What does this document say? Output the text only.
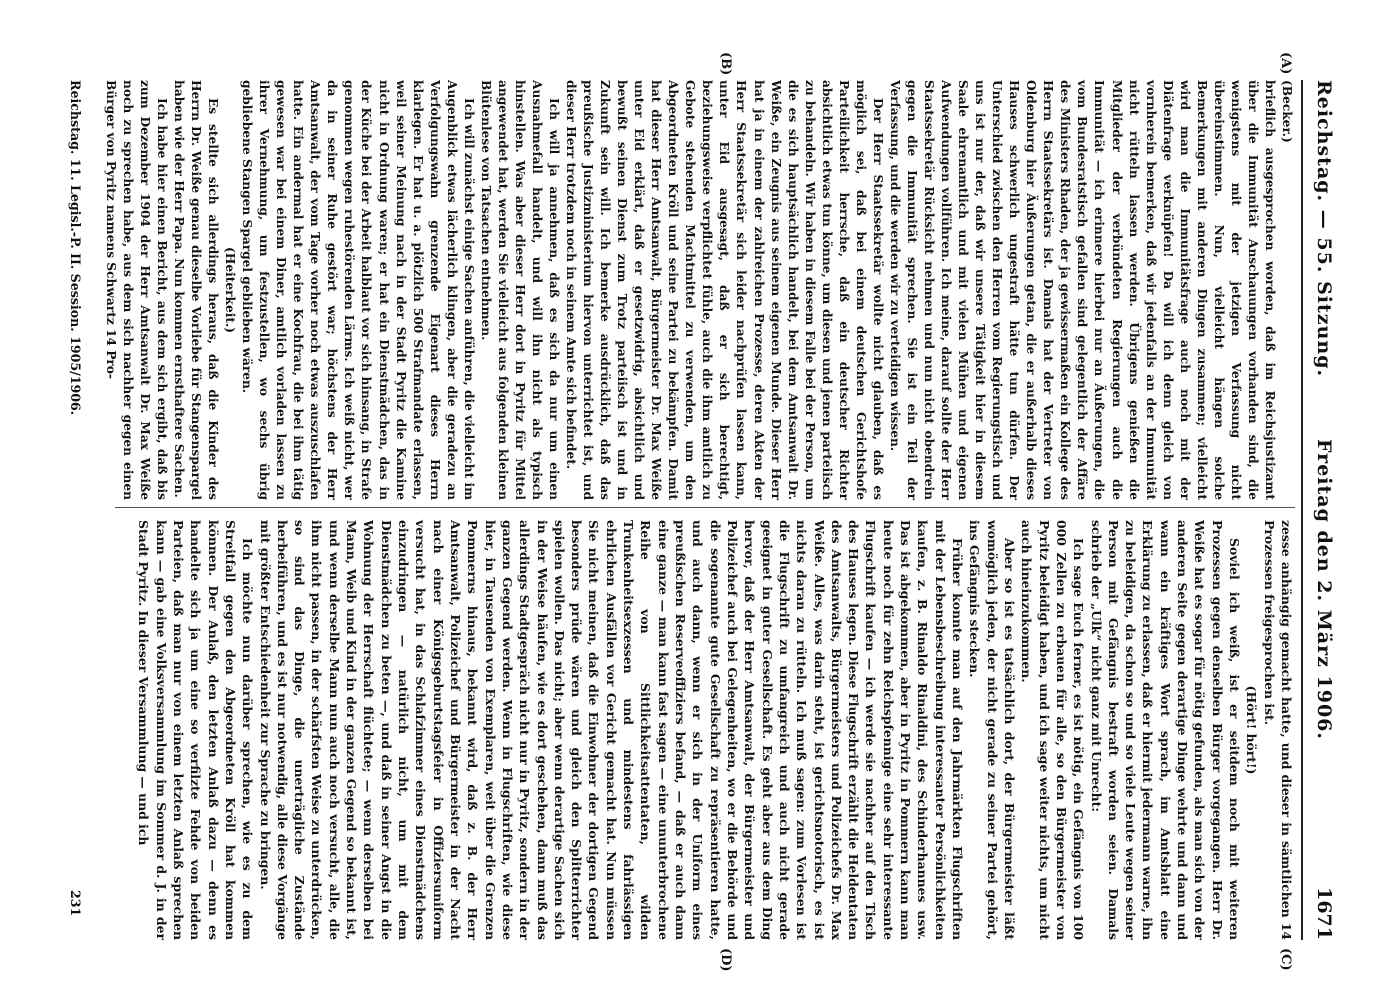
Reichstag. — 55. Sitzung.
Freitag den 2. März 1906.
1671
(A)
(B)
(C)
(D)

(Becker.)

brieflich ausgesprochen worden, daß im Reichsjustizamt über die Immunität Anschauungen vorhanden sind, die wenigstens mit der jetzigen Verfassung nicht übereinstimmen. Nun, vielleicht hängen solche Bemerkungen mit anderen Dingen zusammen; vielleicht wird man die Immunitätsfrage auch noch mit der Diätenfrage verknüpfen! Da will ich denn gleich von vornherein bemerken, daß wir jedenfalls an der Immunität nicht rütteln lassen werden. Übrigens genießen die Mitglieder der verbündeten Regierungen auch die Immunität — ich erinnere hierbei nur an Äußerungen, die vom Bundesratstisch gefallen sind gelegentlich der Affäre des Ministers Rhaden, der ja gewissermaßen ein Kollege des Herrn Staatssekretärs ist. Damals hat der Vertreter von Oldenburg hier Äußerungen getan, die er außerhalb dieses Hauses schwerlich ungestraft hätte tun dürfen. Der Unterschied zwischen den Herren vom Regierungstisch und uns ist nur der, daß wir unsere Tätigkeit hier in diesem Saale ehrenamtlich und mit vielen Mühen und eigenen Aufwendungen vollführen. Ich meine, darauf sollte der Herr Staatssekretär Rücksicht nehmen und nun nicht obendrein gegen die Immunität sprechen. Sie ist ein Teil der Verfassung, und die werden wir zu verteidigen wissen.

Der Herr Staatssekretär wollte nicht glauben, daß es möglich sei, daß bei einem deutschen Gerichtshofe Parteilichkeit herrsche, daß ein deutscher Richter absichtlich etwas tun könne, um diesen und jenen parteiisch zu behandeln. Wir haben in diesem Falle bei der Person, um die es sich hauptsächlich handelt, bei dem Amtsanwalt Dr. Weiße, ein Zeugnis aus seinem eigenen Munde. Dieser Herr hat ja in einem der zahlreichen Prozesse, deren Akten der Herr Staatssekretär sich leider nachprüfen lassen kann, unter Eid ausgesagt, daß er sich berechtigt, beziehungsweise verpflichtet fühle, auch die ihm amtlich zu Gebote stehenden Machtmittel zu verwenden, um den Abgeordneten Kröll und seine Partei zu bekämpfen. Damit hat dieser Herr Amtsanwalt, Bürgermeister Dr. Max Weiße unter Eid erklärt, daß er gesetzwidrig, absichtlich und bewußt seinen Dienst zum Trotz parteiisch ist und in Zukunft sein will. Ich bemerke ausdrücklich, daß das preußische Justizministerium hiervon unterrichtet ist, und dieser Herr trotzdem noch in seinem Amte sich befindet.

Ich will ja annehmen, daß es sich da nur um einen Ausnahmefall handelt, und will ihn nicht als typisch hinstellen. Was aber dieser Herr dort in Pyritz für Mittel angewendet hat, werden Sie vielleicht aus folgenden kleinen Blütenlese von Tatsachen entnehmen.

Ich will zunächst einige Sachen anführen, die vielleicht im Augenblick etwas lächerlich klingen, aber die geradezu an Verfolgungswahn grenzende Eigenart dieses Herrn klarlegen. Er hat u. a. plötzlich 500 Strafmandate erlassen, weil seiner Meinung nach in der Stadt Pyritz die Kamine nicht in Ordnung waren; er hat ein Dienstmädchen, das in der Küche bei der Arbeit halblaut vor sich hinsang, in Strafe genommen wegen ruhestörenden Lärms. Ich weiß nicht, wer da in seiner Ruhe gestört war; höchstens der Herr Amtsanwalt, der vom Tage vorher noch etwas auszuschlafen hatte. Ein andermal hat er eine Kochfrau, die bei ihm tätig gewesen war bei einem Diner, amtlich vorladen lassen zu ihrer Vernehmung, um festzustellen, wo sechs übrig gebliebene Stangen Spargel geblieben wären.

(Heiterkeit.)

Es stellte sich allerdings heraus, daß die Kinder des Herrn Dr. Weiße genau dieselbe Vorliebe für Stangenspargel haben wie der Herr Papa. Nun kommen ernsthaftere Sachen.

Ich habe hier einen Bericht, aus dem sich ergibt, daß bis zum Dezember 1904 der Herr Amtsanwalt Dr. Max Weiße noch zu sprechen habe, aus dem sich nachher gegen einen Bürger von Pyritz namens Schwartz 14 Pro-

zesse anhängig gemacht hatte, und dieser in sämtlichen 14 Prozessen freigesprochen ist.

(Hört! hört!)

Soviel ich weiß, ist er seitdem noch mit weiteren Prozessen gegen denselben Bürger vorgegangen. Herr Dr. Weiße hat es sogar für nötig gefunden, als man sich von der anderen Seite gegen derartige Dinge wehrte und dann und wann ein kräftiges Wort sprach, im Amtsblatt eine Erklärung zu erlassen, daß er hiermit jedermann warne, ihn zu beleidigen, da schon so und so viele Leute wegen seiner Person mit Gefängnis bestraft worden seien. Damals schrieb der „Ulk“ nicht ganz mit Unrecht:

Ich sage Euch ferner, es ist nötig, ein Gefängnis von 100 000 Zellen zu erbauen für alle, so den Bürgermeister von Pyritz beleidigt haben, und ich sage weiter nichts, um nicht auch hineinzukommen.

Aber so ist es tatsächlich dort, der Bürgermeister läßt womöglich jeden, der nicht gerade zu seiner Partei gehört, ins Gefängnis stecken.

Früher konnte man auf den Jahrmärkten Flugschriften mit der Lebensbeschreibung interessanter Persönlichkeiten kaufen, z. B. Rinaldo Rinaldini, des Schinderhannes usw. Das ist abgekommen, aber in Pyritz in Pommern kann man heute noch für zehn Reichspfennige eine sehr interessante Flugschrift kaufen — ich werde sie nachher auf den Tisch des Hauses legen. Diese Flugschrift erzählt die Heldentaten des Amtsanwalts, Bürgermeisters und Polizeichefs Dr. Max Weiße. Alles, was darin steht, ist gerichtsnotorisch, es ist nichts daran zu rütteln. Ich muß sagen: zum Vorlesen ist die Flugschrift zu umfangreich und auch nicht gerade geeignet in guter Gesellschaft. Es geht aber aus dem Ding hervor, daß der Herr Amtsanwalt, der Bürgermeister und Polizeichef auch bei Gelegenheiten, wo er die Behörde und die sogenannte gute Gesellschaft zu repräsentieren hatte, und auch dann, wenn er sich in der Uniform eines preußischen Reserveoffiziers befand, — daß er auch dann eine ganze — man kann fast sagen — eine ununterbrochene Reihe von Sittlichkeitsattentaten, wilden Trunkenheitsexzessen und mindestens fahrlässigen ehrlichen Ausfällen vor Gericht gemacht hat. Nun müssen Sie nicht meinen, daß die Einwohner der dortigen Gegend besonders prüde wären und gleich den Splitterrichter spielen wollen. Das nicht; aber wenn derartige Sachen sich in der Weise häufen, wie es dort geschehen, dann muß das allerdings Stadtgespräch nicht nur in Pyritz, sondern in der ganzen Gegend werden. Wenn in Flugschriften, wie diese hier, in Tausenden von Exemplaren, weit über die Grenzen Pommerns hinaus, bekannt wird, daß z. B. der Herr Amtsanwalt, Polizeichef und Bürgermeister in der Nacht nach einer Königsgeburtstagsfeier in Offiziersuniform versucht hat, in das Schlafzimmer eines Dienstmädchens einzudringen — natürlich nicht, um mit dem Dienstmädchen zu beten —, und daß in seiner Angst in die Wohnung der Herrschaft flüchtete; — wenn derselben bei Mann, Weib und Kind in der ganzen Gegend so bekannt ist, und wenn derselbe Mann nun auch noch versucht, alle, die ihm nicht passen, in der schärfsten Weise zu unterdrücken, so sind das Dinge, die unerträgliche Zustände herbeiführen, und es ist nur notwendig, alle diese Vorgänge mit größter Entschiedenheit zur Sprache zu bringen.

Ich möchte nun darüber sprechen, wie es zu dem Streitfall gegen den Abgeordneten Kröll hat kommen können. Der Anlaß, den letzten Anlaß dazu — denn es handelte sich ja um eine so verfilzte Fehde von beiden Parteien, daß man nur von einem letzten Anlaß sprechen kann — gab eine Volksversammlung im Sommer d. J. in der Stadt Pyritz. In dieser Versammlung — und ich

Reichstag. 11. Legisl.-P. II. Session. 1905/1906.
231
